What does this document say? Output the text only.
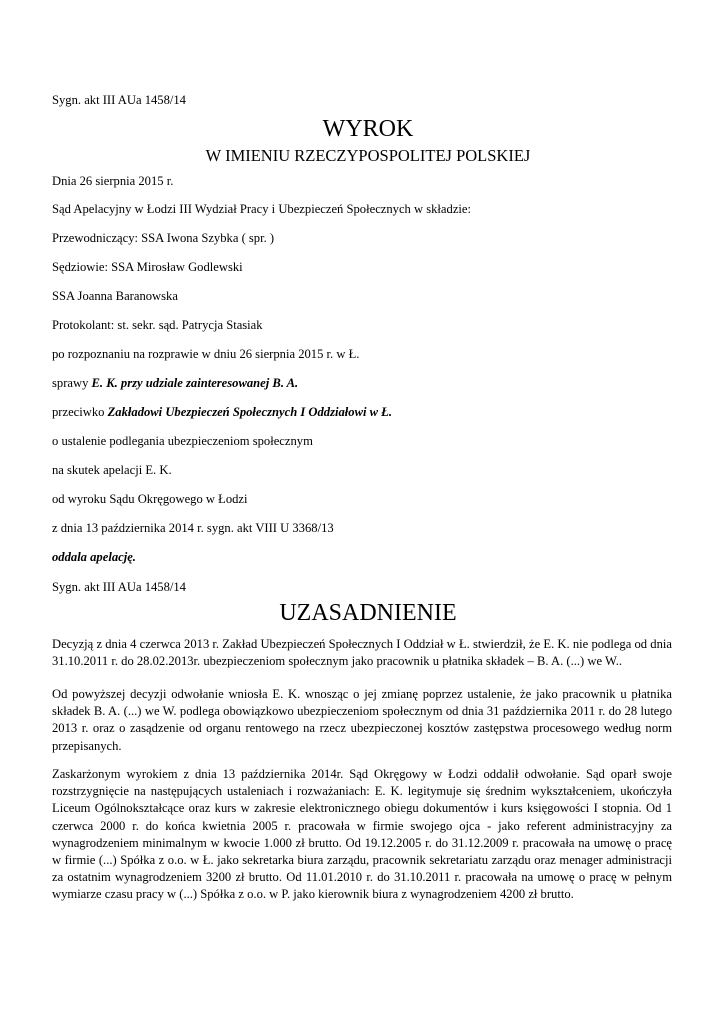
Sygn. akt III AUa 1458/14
WYROK
W IMIENIU RZECZYPOSPOLITEJ POLSKIEJ
Dnia 26 sierpnia 2015 r.
Sąd Apelacyjny w Łodzi III Wydział Pracy i Ubezpieczeń Społecznych w składzie:
Przewodniczący: SSA Iwona Szybka ( spr. )
Sędziowie: SSA Mirosław Godlewski
SSA Joanna Baranowska
Protokolant: st. sekr. sąd. Patrycja Stasiak
po rozpoznaniu na rozprawie w dniu 26 sierpnia 2015 r. w Ł.
sprawy E. K. przy udziale zainteresowanej B. A.
przeciwko Zakładowi Ubezpieczeń Społecznych I Oddziałowi w Ł.
o ustalenie podlegania ubezpieczeniom społecznym
na skutek apelacji E. K.
od wyroku Sądu Okręgowego w Łodzi
z dnia 13 października 2014 r. sygn. akt VIII U 3368/13
oddala apelację.
Sygn. akt III AUa 1458/14
UZASADNIENIE
Decyzją z dnia 4 czerwca 2013 r. Zakład Ubezpieczeń Społecznych I Oddział w Ł. stwierdził, że E. K. nie podlega od dnia 31.10.2011 r. do 28.02.2013r. ubezpieczeniom społecznym jako pracownik u płatnika składek – B. A. (...) we W..
Od powyższej decyzji odwołanie wniosła E. K. wnosząc o jej zmianę poprzez ustalenie, że jako pracownik u płatnika składek B. A. (...) we W. podlega obowiązkowo ubezpieczeniom społecznym od dnia 31 października 2011 r. do 28 lutego 2013 r. oraz o zasądzenie od organu rentowego na rzecz ubezpieczonej kosztów zastępstwa procesowego według norm przepisanych.
Zaskarżonym wyrokiem z dnia 13 października 2014r. Sąd Okręgowy w Łodzi oddalił odwołanie. Sąd oparł swoje rozstrzygnięcie na następujących ustaleniach i rozważaniach: E. K. legitymuje się średnim wykształceniem, ukończyła Liceum Ogólnokształcące oraz kurs w zakresie elektronicznego obiegu dokumentów i kurs księgowości I stopnia. Od 1 czerwca 2000 r. do końca kwietnia 2005 r. pracowała w firmie swojego ojca - jako referent administracyjny za wynagrodzeniem minimalnym w kwocie 1.000 zł brutto. Od 19.12.2005 r. do 31.12.2009 r. pracowała na umowę o pracę w firmie (...) Spółka z o.o. w Ł. jako sekretarka biura zarządu, pracownik sekretariatu zarządu oraz menager administracji za ostatnim wynagrodzeniem 3200 zł brutto. Od 11.01.2010 r. do 31.10.2011 r. pracowała na umowę o pracę w pełnym wymiarze czasu pracy w (...) Spółka z o.o. w P. jako kierownik biura z wynagrodzeniem 4200 zł brutto.
